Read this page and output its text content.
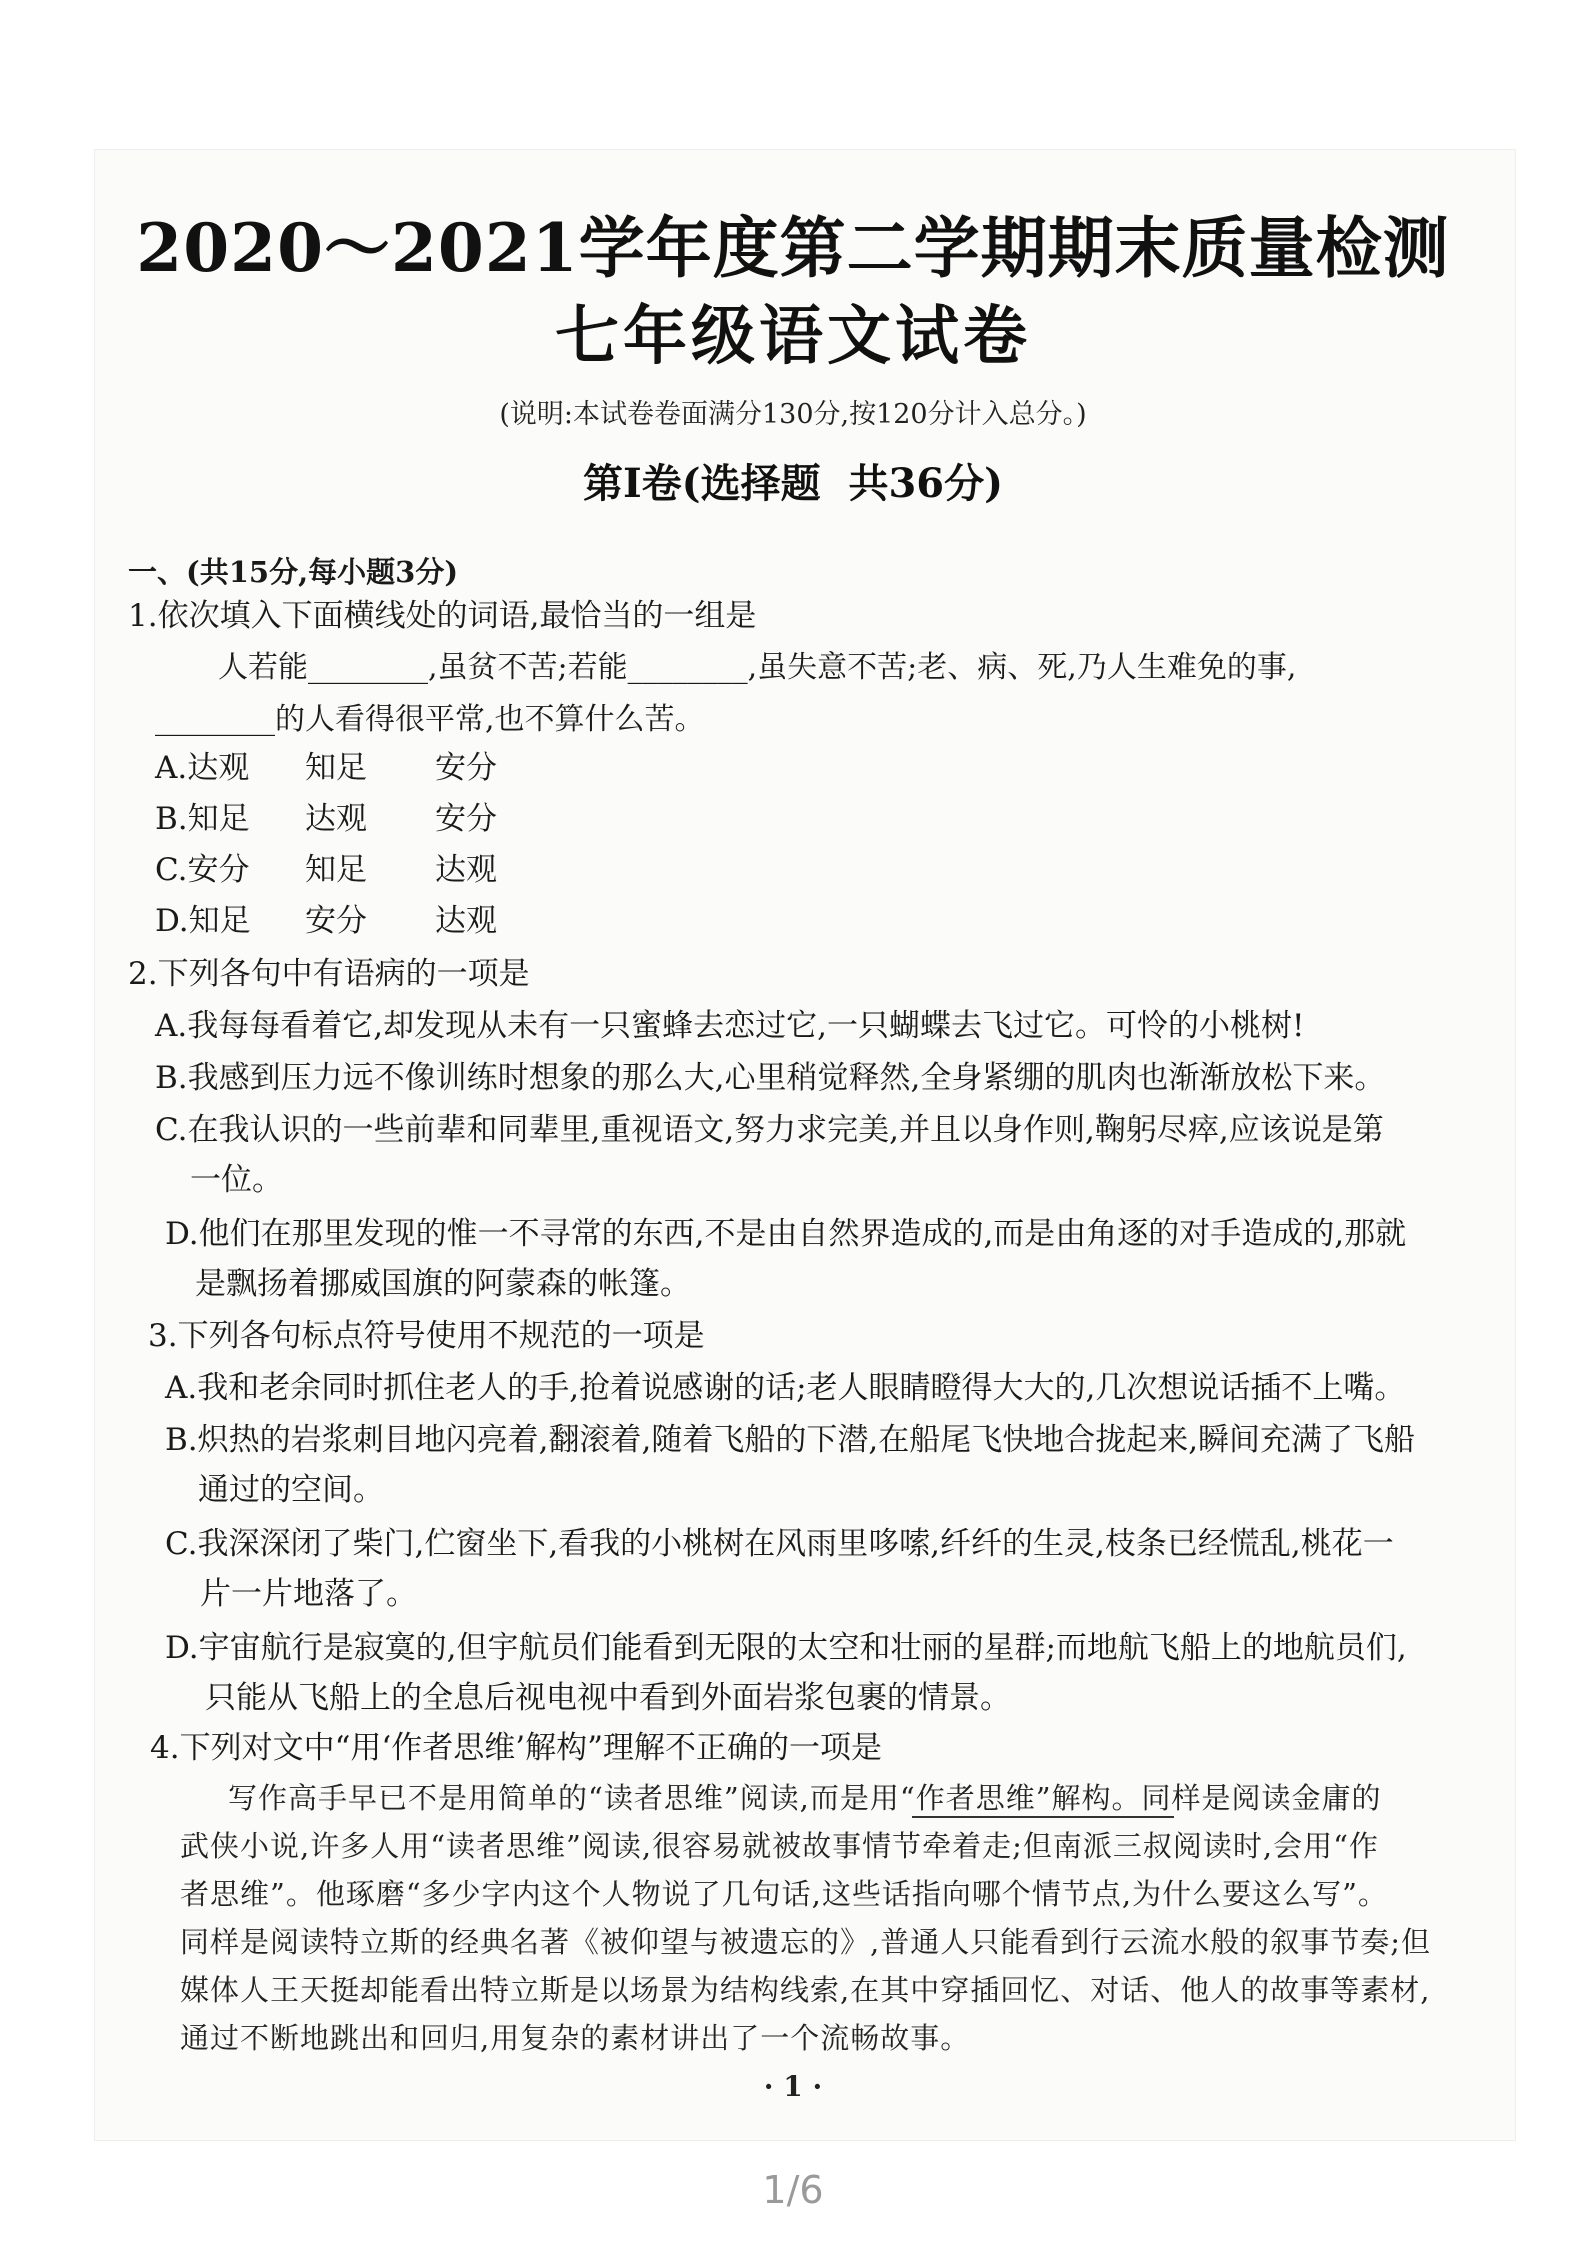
2020～2021学年度第二学期期末质量检测
七年级语文试卷
(说明:本试卷卷面满分130分,按120分计入总分。)
第Ⅰ卷(选择题  共36分)
一、(共15分,每小题3分)
1.依次填入下面横线处的词语,最恰当的一组是
人若能________,虽贫不苦;若能________,虽失意不苦;老、病、死,乃人生难免的事,
________的人看得很平常,也不算什么苦。
A.达观 知足 安分
B.知足 达观 安分
C.安分 知足 达观
D.知足 安分 达观
2.下列各句中有语病的一项是
A.我每每看着它,却发现从未有一只蜜蜂去恋过它,一只蝴蝶去飞过它。可怜的小桃树!
B.我感到压力远不像训练时想象的那么大,心里稍觉释然,全身紧绷的肌肉也渐渐放松下来。
C.在我认识的一些前辈和同辈里,重视语文,努力求完美,并且以身作则,鞠躬尽瘁,应该说是第
一位。
D.他们在那里发现的惟一不寻常的东西,不是由自然界造成的,而是由角逐的对手造成的,那就
是飘扬着挪威国旗的阿蒙森的帐篷。
3.下列各句标点符号使用不规范的一项是
A.我和老余同时抓住老人的手,抢着说感谢的话;老人眼睛瞪得大大的,几次想说话插不上嘴。
B.炽热的岩浆刺目地闪亮着,翻滚着,随着飞船的下潜,在船尾飞快地合拢起来,瞬间充满了飞船
通过的空间。
C.我深深闭了柴门,伫窗坐下,看我的小桃树在风雨里哆嗦,纤纤的生灵,枝条已经慌乱,桃花一
片一片地落了。
D.宇宙航行是寂寞的,但宇航员们能看到无限的太空和壮丽的星群;而地航飞船上的地航员们,
只能从飞船上的全息后视电视中看到外面岩浆包裹的情景。
4.下列对文中“用‘作者思维’解构”理解不正确的一项是
写作高手早已不是用简单的“读者思维”阅读,而是用“作者思维”解构。同样是阅读金庸的
武侠小说,许多人用“读者思维”阅读,很容易就被故事情节牵着走;但南派三叔阅读时,会用“作
者思维”。他琢磨“多少字内这个人物说了几句话,这些话指向哪个情节点,为什么要这么写”。
同样是阅读特立斯的经典名著《被仰望与被遗忘的》,普通人只能看到行云流水般的叙事节奏;但
媒体人王天挺却能看出特立斯是以场景为结构线索,在其中穿插回忆、对话、他人的故事等素材,
通过不断地跳出和回归,用复杂的素材讲出了一个流畅故事。
· 1 ·
1/6
